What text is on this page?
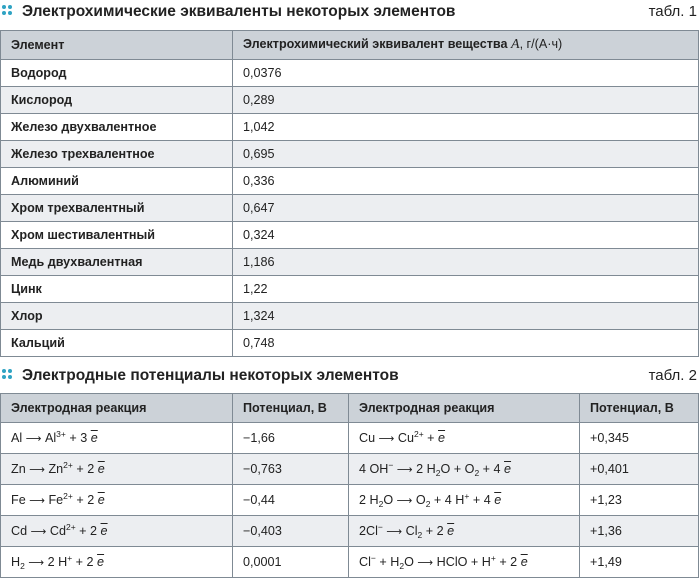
Электрохимические эквиваленты некоторых элементов	табл. 1
Элемент	Электрохимический эквивалент вещества A, г/(А·ч)
Водород	0,0376
Кислород	0,289
Железо двухвалентное	1,042
Железо трехвалентное	0,695
Алюминий	0,336
Хром трехвалентный	0,647
Хром шестивалентный	0,324
Медь двухвалентная	1,186
Цинк	1,22
Хлор	1,324
Кальций	0,748
Электродные потенциалы некоторых элементов	табл. 2
Электродная реакция	Потенциал, В	Электродная реакция	Потенциал, В
Al ⟶ $Al^{3+} + 3$ $\overline{e}$	−1,66	Cu ⟶ $Cu^{2+} + \overline{e}$	+0,345
Zn ⟶ $Zn^{2+} + 2$ $\overline{e}$	−0,763	4 OH− ⟶ 2 $H_2O + O_2 + 4$ $\overline{e}$	+0,401
Fe ⟶ $Fe^{2+} + 2$ $\overline{e}$	−0,44	2 $H_2O$ ⟶ $O_2 + 4$ H+ + 4 $\overline{e}$	+1,23
Cd ⟶ $Cd^{2+} + 2$ $\overline{e}$	−0,403	2Cl− ⟶ $Cl_2 + 2$ $\overline{e}$	+1,36
$H_2$ ⟶ 2 H+ + 2 $\overline{e}$	0,0001	$Cl^- + H_2O$ ⟶ HClO + H+ + 2 $\overline{e}$	+1,49
